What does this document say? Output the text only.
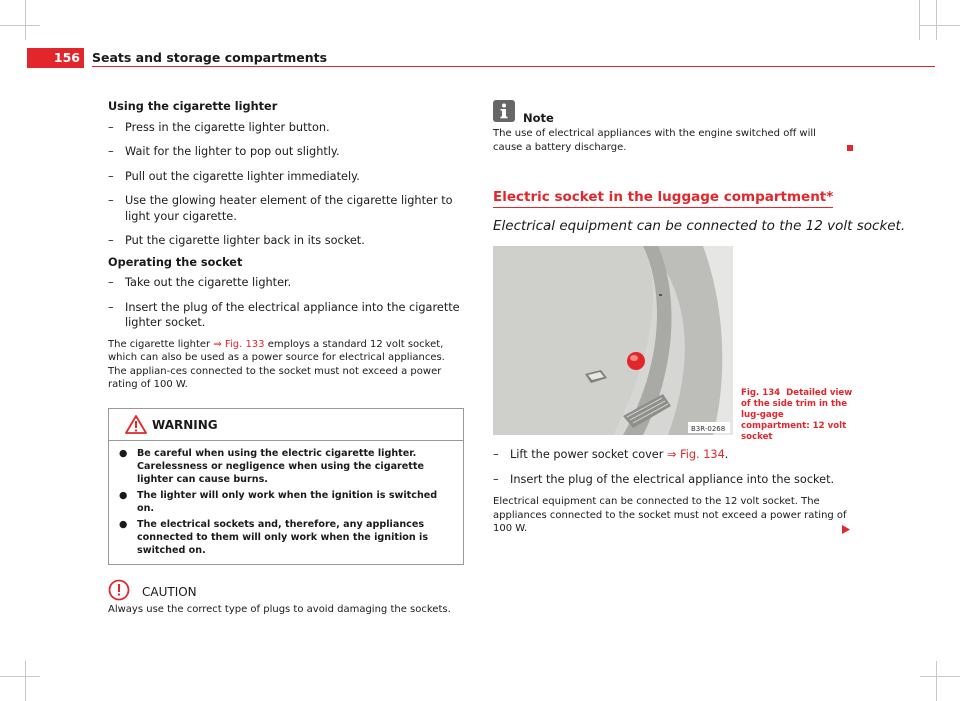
156 Seats and storage compartments
Using the cigarette lighter
– Press in the cigarette lighter button.
– Wait for the lighter to pop out slightly.
– Pull out the cigarette lighter immediately.
– Use the glowing heater element of the cigarette lighter to light your cigarette.
– Put the cigarette lighter back in its socket.
Operating the socket
– Take out the cigarette lighter.
– Insert the plug of the electrical appliance into the cigarette lighter socket.
The cigarette lighter ⇒ Fig. 133 employs a standard 12 volt socket, which can also be used as a power source for electrical appliances. The applian-ces connected to the socket must not exceed a power rating of 100 W.
WARNING
● Be careful when using the electric cigarette lighter. Carelessness or negligence when using the cigarette lighter can cause burns.
● The lighter will only work when the ignition is switched on.
● The electrical sockets and, therefore, any appliances connected to them will only work when the ignition is switched on.
CAUTION
Always use the correct type of plugs to avoid damaging the sockets.
Note
The use of electrical appliances with the engine switched off will cause a battery discharge.
Electric socket in the luggage compartment*
Electrical equipment can be connected to the 12 volt socket.
B3R-0268
Fig. 134 Detailed view of the side trim in the lug-gage compartment: 12 volt socket
– Lift the power socket cover ⇒ Fig. 134.
– Insert the plug of the electrical appliance into the socket.
Electrical equipment can be connected to the 12 volt socket. The appliances connected to the socket must not exceed a power rating of 100 W.
